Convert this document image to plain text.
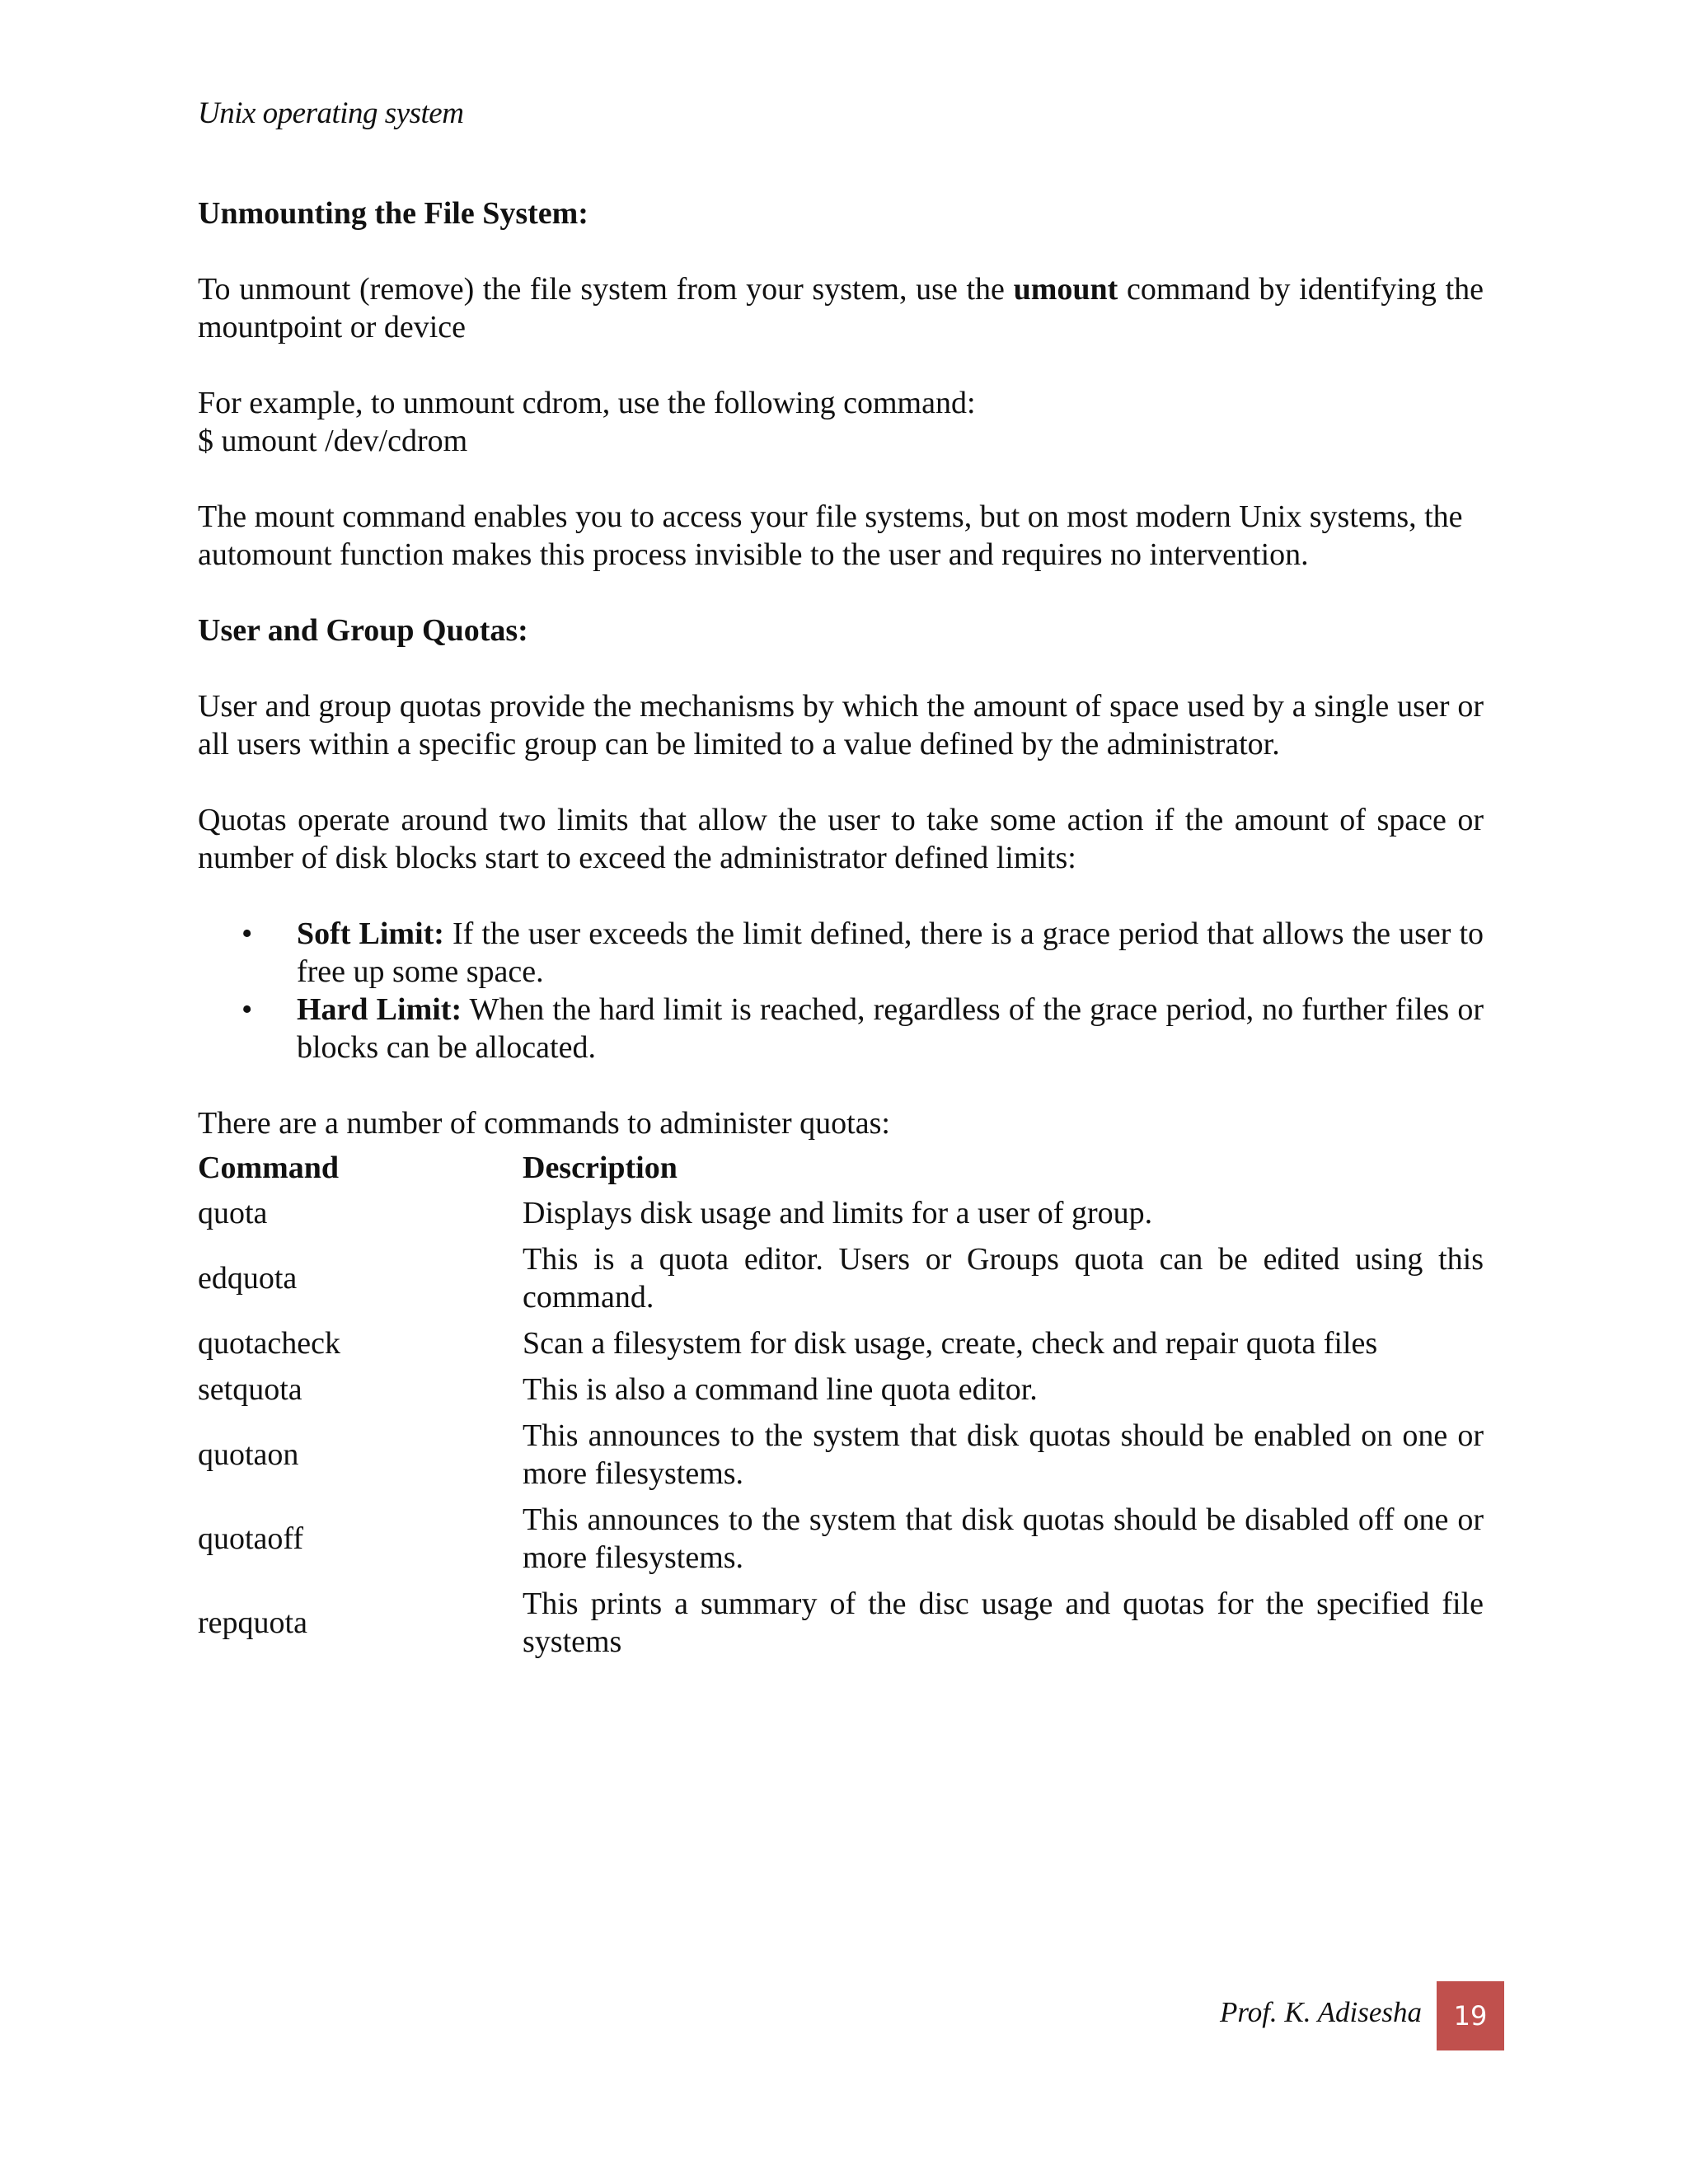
Unix operating system
Unmounting the File System:

To unmount (remove) the file system from your system, use the umount command by identifying the mountpoint or device

For example, to unmount cdrom, use the following command:

$ umount /dev/cdrom

The mount command enables you to access your file systems, but on most modern Unix systems, the automount function makes this process invisible to the user and requires no intervention.

User and Group Quotas:

User and group quotas provide the mechanisms by which the amount of space used by a single user or all users within a specific group can be limited to a value defined by the administrator.

Quotas operate around two limits that allow the user to take some action if the amount of space or number of disk blocks start to exceed the administrator defined limits:

• Soft Limit: If the user exceeds the limit defined, there is a grace period that allows the user to free up some space.
• Hard Limit: When the hard limit is reached, regardless of the grace period, no further files or blocks can be allocated.

There are a number of commands to administer quotas:

Command	Description
quota	Displays disk usage and limits for a user of group.
edquota	This is a quota editor. Users or Groups quota can be edited using this command.
quotacheck	Scan a filesystem for disk usage, create, check and repair quota files
setquota	This is also a command line quota editor.
quotaon	This announces to the system that disk quotas should be enabled on one or more filesystems.
quotaoff	This announces to the system that disk quotas should be disabled off one or more filesystems.
repquota	This prints a summary of the disc usage and quotas for the specified file systems
Prof. K. Adisesha	19
